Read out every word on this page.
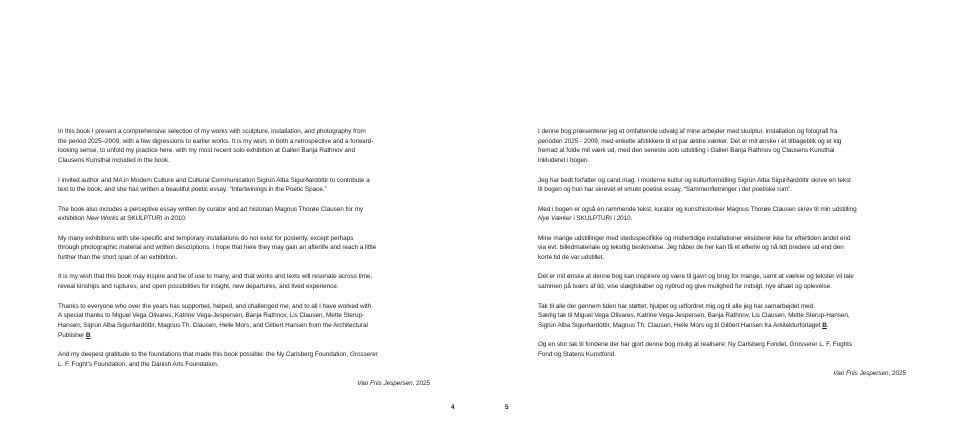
In this book I present a comprehensive selection of my works with sculpture, installation, and photography from
the period 2025–2009, with a few digressions to earlier works. It is my wish, in both a retrospective and a forward-
looking sense, to unfold my practice here, with my most recent solo exhibition at Galleri Banja Rathnov and
Clausens Kunsthal included in the book.
I invited author and MA in Modern Culture and Cultural Communication Sigrún Alba Sigurðardóttir to contribute a
text to the book, and she has written a beautiful poetic essay: “Intertwinings in the Poetic Space.”
The book also includes a perceptive essay written by curator and art historian Magnus Thorøe Clausen for my
exhibition New Works at SKULPTURI in 2010.
My many exhibitions with site-specific and temporary installations do not exist for posterity, except perhaps
through photographic material and written descriptions. I hope that here they may gain an afterlife and reach a little
further than the short span of an exhibition.
It is my wish that this book may inspire and be of use to many, and that works and texts will resonate across time,
reveal kinships and ruptures, and open possibilities for insight, new departures, and lived experience.
Thanks to everyone who over the years has supported, helped, and challenged me, and to all I have worked with.
A special thanks to Miguel Vega Olivares, Katrine Vega-Jespersen, Banja Rathnov, Lis Clausen, Mette Sterup-
Hansen, Sigrún Alba Sigurðardóttir, Magnus Th. Clausen, Helle Mors, and Gilbert Hansen from the Architectural
Publisher B.
And my deepest gratitude to the foundations that made this book possible: the Ny Carlsberg Foundation, Grosserer
L. F. Foght’s Foundation, and the Danish Arts Foundation.
Vao Friis Jespersen, 2025
I denne bog præsenterer jeg et omfattende udvalg af mine arbejder med skulptur, installation og fotografi fra
perioden 2025 - 2009, med enkelte afstikkere til et par ældre værker. Det er mit ønske i et tilbageblik og et kig
fremad at folde mit værk ud, med den seneste solo udstilling i Galleri Banja Rathnov og Clausens Kunsthal
inkluderet i bogen.
Jeg har bedt forfatter og cand.mag. i moderne kultur og kulturformidling Sigrún Alba Sigurðardóttir skrive en tekst
til bogen og hun har skrevet et smukt poetisk essay, “Sammenfletninger i det poetiske rum”.
Med i bogen er også en rammende tekst, kurator og kunsthistoriker Magnus Thorøe Clausen skrev til min udstilling
Nye Værker i SKULPTURI i 2010.
Mine mange udstillinger med stedsspecifikke og midlertidige installationer eksisterer ikke for eftertiden andet end
via evt. billedmateriale og tekstlig beskrivelse. Jeg håber de her kan få et efterliv og nå lidt bredere ud end den
korte tid de var udstillet.
Det er mit ønske at denne bog kan inspirere og være til gavn og brug for mange, samt at værker og tekster vil tale
sammen på tværs af tid, vise slægtskaber og nybrud og give mulighed for indsigt, nye afsæt og oplevelse.
Tak til alle der gennem tiden har støttet, hjulpet og udfordret mig og til alle jeg har samarbejdet med.
Særlig tak til Miguel Vega Olivares, Katrine Vega-Jespersen, Banja Rathnov, Lis Clausen, Mette Sterup-Hansen,
Sigrún Alba Sigurðardóttir, Magnus Th. Clausen, Helle Mors og til Gilbert Hansen fra Arkitekturforlaget B.
Og en stor tak til fondene der har gjort denne bog mulig at realisere: Ny Carlsberg Fondet, Grosserer L. F. Foghts
Fond og Statens Kunstfond.
Vao Friis Jespersen, 2025
4	5
